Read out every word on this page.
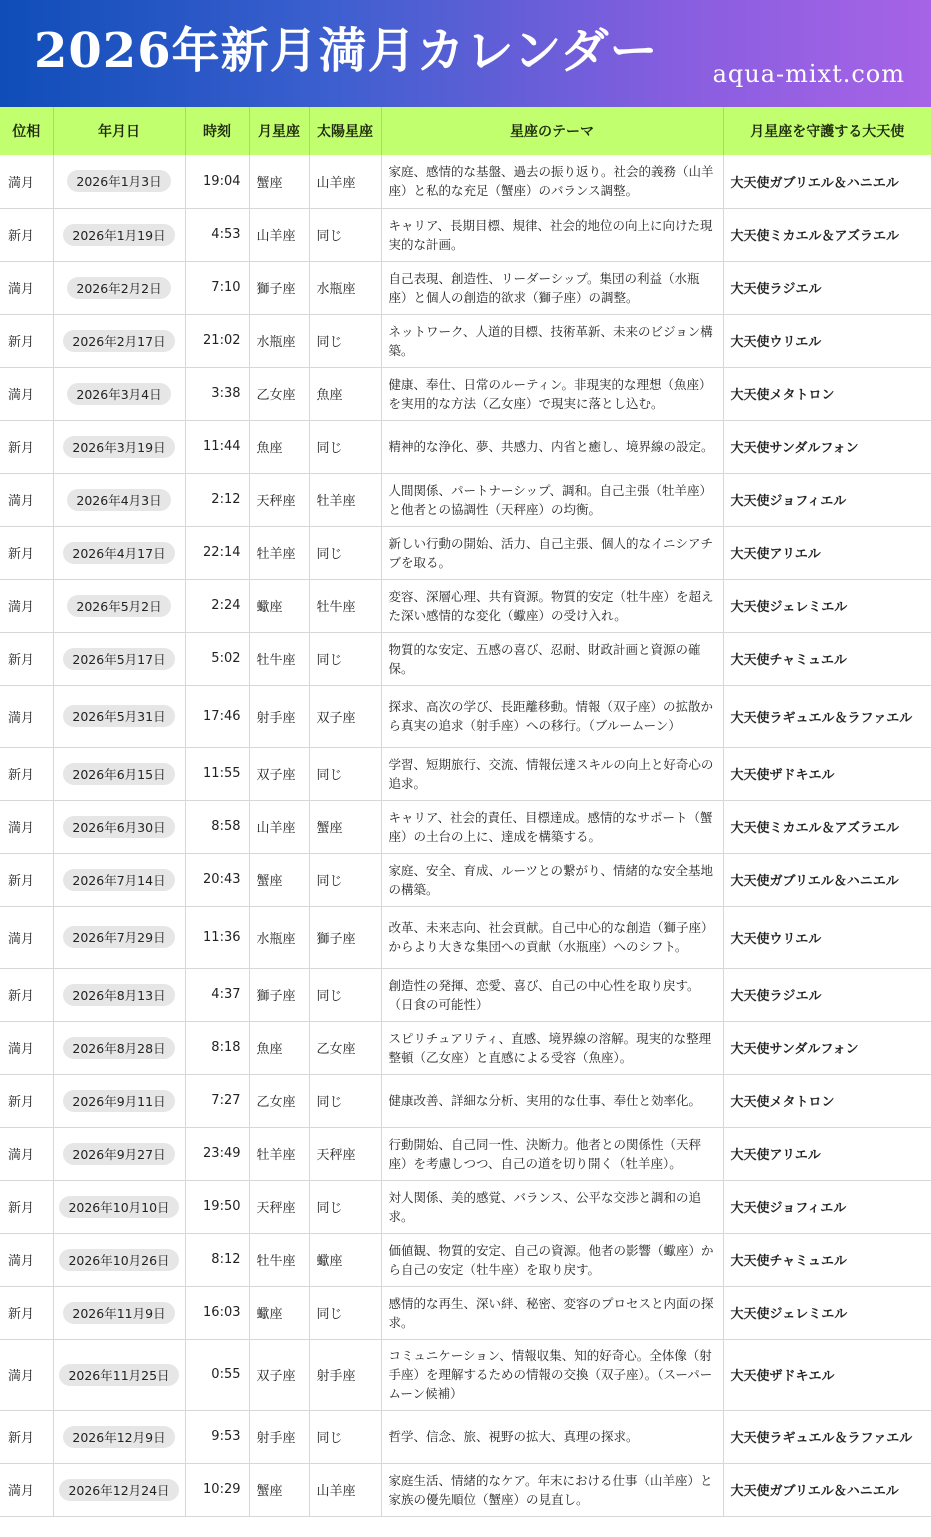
2026年新月満月カレンダー aqua-mixt.com
位相	年月日	時刻	月星座	太陽星座	星座のテーマ	月星座を守護する大天使
満月	2026年1月3日	19:04	蟹座	山羊座	家庭、感情的な基盤、過去の振り返り。社会的義務（山羊座）と私的な充足（蟹座）のバランス調整。	大天使ガブリエル＆ハニエル
新月	2026年1月19日	4:53	山羊座	同じ	キャリア、長期目標、規律、社会的地位の向上に向けた現実的な計画。	大天使ミカエル＆アズラエル
満月	2026年2月2日	7:10	獅子座	水瓶座	自己表現、創造性、リーダーシップ。集団の利益（水瓶座）と個人の創造的欲求（獅子座）の調整。	大天使ラジエル
新月	2026年2月17日	21:02	水瓶座	同じ	ネットワーク、人道的目標、技術革新、未来のビジョン構築。	大天使ウリエル
満月	2026年3月4日	3:38	乙女座	魚座	健康、奉仕、日常のルーティン。非現実的な理想（魚座）を実用的な方法（乙女座）で現実に落とし込む。	大天使メタトロン
新月	2026年3月19日	11:44	魚座	同じ	精神的な浄化、夢、共感力、内省と癒し、境界線の設定。	大天使サンダルフォン
満月	2026年4月3日	2:12	天秤座	牡羊座	人間関係、パートナーシップ、調和。自己主張（牡羊座）と他者との協調性（天秤座）の均衡。	大天使ジョフィエル
新月	2026年4月17日	22:14	牡羊座	同じ	新しい行動の開始、活力、自己主張、個人的なイニシアチブを取る。	大天使アリエル
満月	2026年5月2日	2:24	蠍座	牡牛座	変容、深層心理、共有資源。物質的安定（牡牛座）を超えた深い感情的な変化（蠍座）の受け入れ。	大天使ジェレミエル
新月	2026年5月17日	5:02	牡牛座	同じ	物質的な安定、五感の喜び、忍耐、財政計画と資源の確保。	大天使チャミュエル
満月	2026年5月31日	17:46	射手座	双子座	探求、高次の学び、長距離移動。情報（双子座）の拡散から真実の追求（射手座）への移行。（ブルームーン）	大天使ラギュエル＆ラファエル
新月	2026年6月15日	11:55	双子座	同じ	学習、短期旅行、交流、情報伝達スキルの向上と好奇心の追求。	大天使ザドキエル
満月	2026年6月30日	8:58	山羊座	蟹座	キャリア、社会的責任、目標達成。感情的なサポート（蟹座）の土台の上に、達成を構築する。	大天使ミカエル＆アズラエル
新月	2026年7月14日	20:43	蟹座	同じ	家庭、安全、育成、ルーツとの繋がり、情緒的な安全基地の構築。	大天使ガブリエル＆ハニエル
満月	2026年7月29日	11:36	水瓶座	獅子座	改革、未来志向、社会貢献。自己中心的な創造（獅子座）からより大きな集団への貢献（水瓶座）へのシフト。	大天使ウリエル
新月	2026年8月13日	4:37	獅子座	同じ	創造性の発揮、恋愛、喜び、自己の中心性を取り戻す。（日食の可能性）	大天使ラジエル
満月	2026年8月28日	8:18	魚座	乙女座	スピリチュアリティ、直感、境界線の溶解。現実的な整理整頓（乙女座）と直感による受容（魚座）。	大天使サンダルフォン
新月	2026年9月11日	7:27	乙女座	同じ	健康改善、詳細な分析、実用的な仕事、奉仕と効率化。	大天使メタトロン
満月	2026年9月27日	23:49	牡羊座	天秤座	行動開始、自己同一性、決断力。他者との関係性（天秤座）を考慮しつつ、自己の道を切り開く（牡羊座）。	大天使アリエル
新月	2026年10月10日	19:50	天秤座	同じ	対人関係、美的感覚、バランス、公平な交渉と調和の追求。	大天使ジョフィエル
満月	2026年10月26日	8:12	牡牛座	蠍座	価値観、物質的安定、自己の資源。他者の影響（蠍座）から自己の安定（牡牛座）を取り戻す。	大天使チャミュエル
新月	2026年11月9日	16:03	蠍座	同じ	感情的な再生、深い絆、秘密、変容のプロセスと内面の探求。	大天使ジェレミエル
満月	2026年11月25日	0:55	双子座	射手座	コミュニケーション、情報収集、知的好奇心。全体像（射手座）を理解するための情報の交換（双子座）。（スーパームーン候補）	大天使ザドキエル
新月	2026年12月9日	9:53	射手座	同じ	哲学、信念、旅、視野の拡大、真理の探求。	大天使ラギュエル＆ラファエル
満月	2026年12月24日	10:29	蟹座	山羊座	家庭生活、情緒的なケア。年末における仕事（山羊座）と家族の優先順位（蟹座）の見直し。	大天使ガブリエル＆ハニエル
